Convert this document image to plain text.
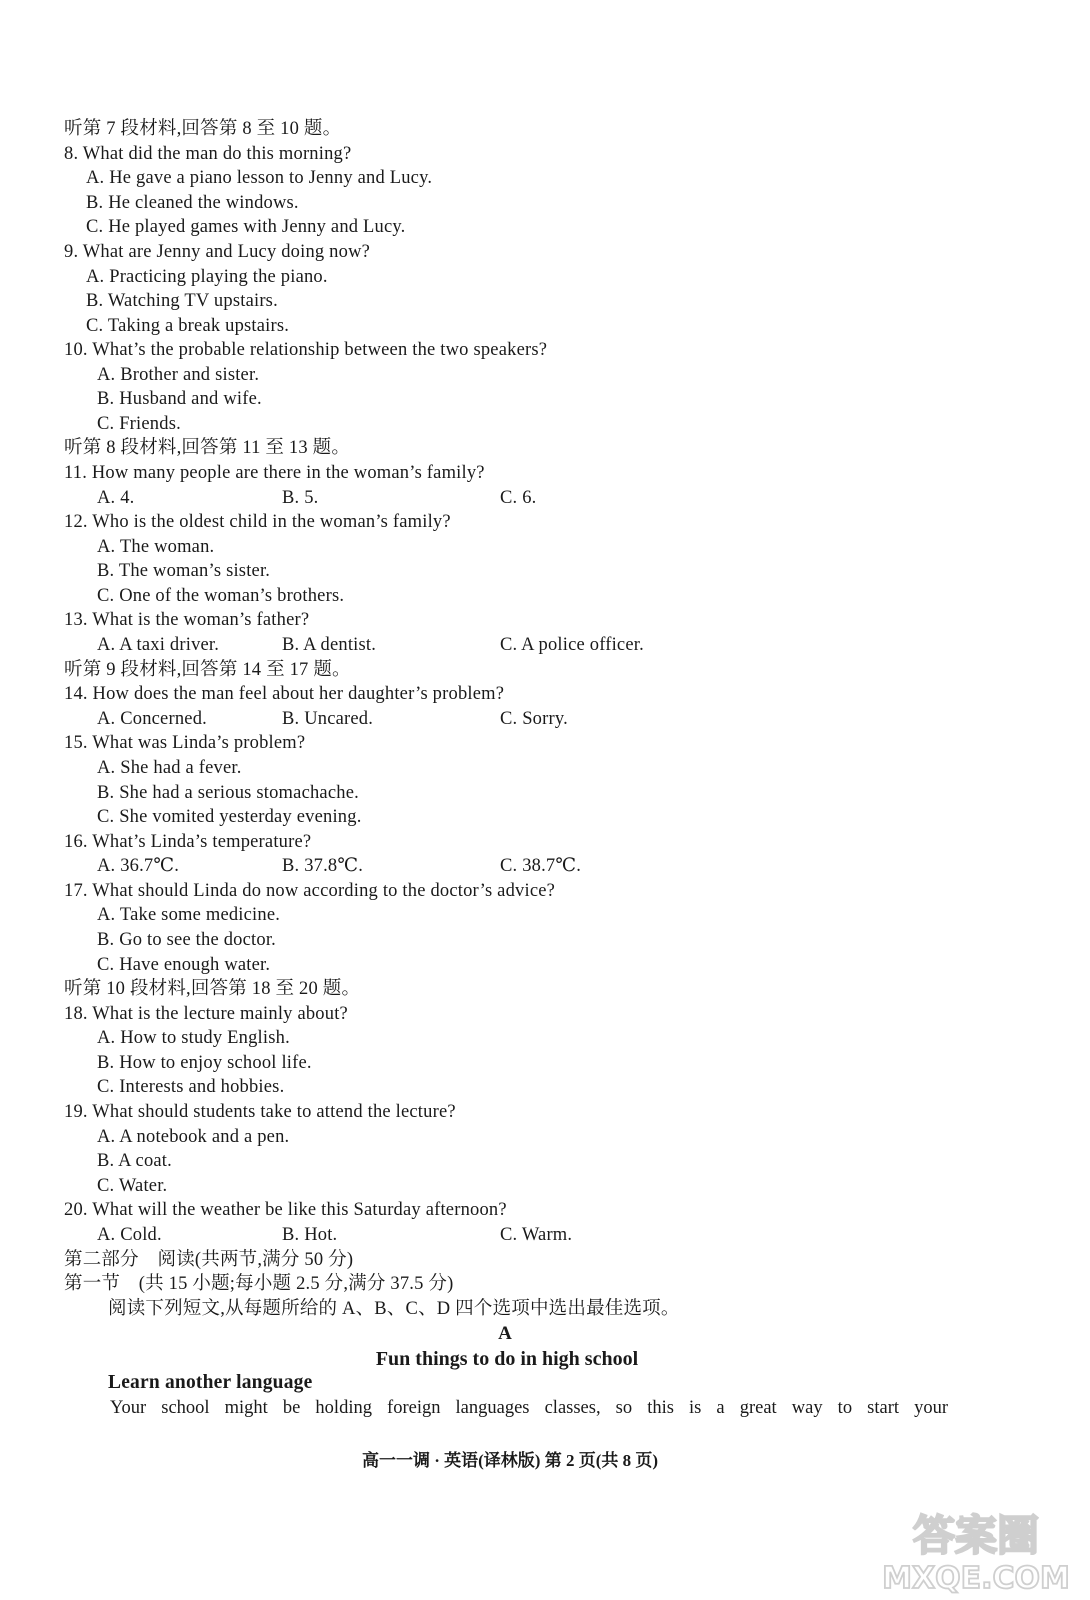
听第 7 段材料,回答第 8 至 10 题。
8. What did the man do this morning?
A. He gave a piano lesson to Jenny and Lucy.
B. He cleaned the windows.
C. He played games with Jenny and Lucy.
9. What are Jenny and Lucy doing now?
A. Practicing playing the piano.
B. Watching TV upstairs.
C. Taking a break upstairs.
10. What’s the probable relationship between the two speakers?
A. Brother and sister.
B. Husband and wife.
C. Friends.
听第 8 段材料,回答第 11 至 13 题。
11. How many people are there in the woman’s family?
A. 4.	B. 5.	C. 6.
12. Who is the oldest child in the woman’s family?
A. The woman.
B. The woman’s sister.
C. One of the woman’s brothers.
13. What is the woman’s father?
A. A taxi driver.	B. A dentist.	C. A police officer.
听第 9 段材料,回答第 14 至 17 题。
14. How does the man feel about her daughter’s problem?
A. Concerned.	B. Uncared.	C. Sorry.
15. What was Linda’s problem?
A. She had a fever.
B. She had a serious stomachache.
C. She vomited yesterday evening.
16. What’s Linda’s temperature?
A. 36.7℃.	B. 37.8℃.	C. 38.7℃.
17. What should Linda do now according to the doctor’s advice?
A. Take some medicine.
B. Go to see the doctor.
C. Have enough water.
听第 10 段材料,回答第 18 至 20 题。
18. What is the lecture mainly about?
A. How to study English.
B. How to enjoy school life.
C. Interests and hobbies.
19. What should students take to attend the lecture?
A. A notebook and a pen.
B. A coat.
C. Water.
20. What will the weather be like this Saturday afternoon?
A. Cold.	B. Hot.	C. Warm.
第二部分　阅读(共两节,满分 50 分)
第一节　(共 15 小题;每小题 2.5 分,满分 37.5 分)
阅读下列短文,从每题所给的 A、B、C、D 四个选项中选出最佳选项。
A
Fun things to do in high school
Learn another language
Your school might be holding foreign languages classes, so this is a great way to start your
高一一调 · 英语(译林版) 第 2 页(共 8 页)
答案圈
MXQE.COM
